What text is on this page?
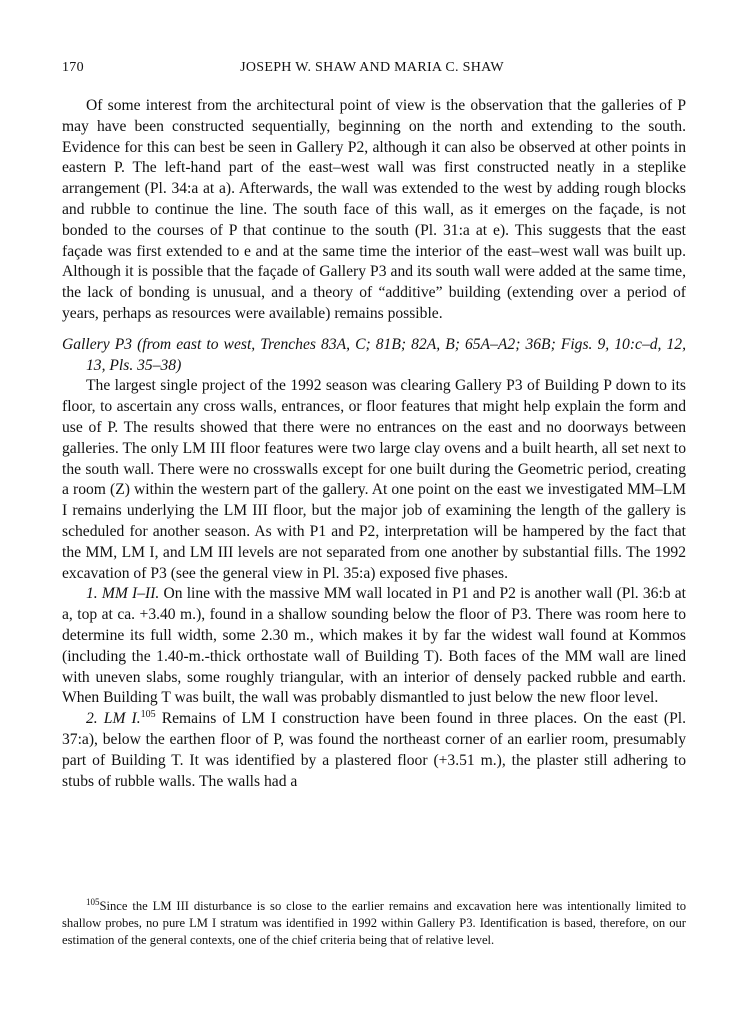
170	JOSEPH W. SHAW AND MARIA C. SHAW

Of some interest from the architectural point of view is the observation that the galleries of P may have been constructed sequentially, beginning on the north and extending to the south. Evidence for this can best be seen in Gallery P2, although it can also be observed at other points in eastern P. The left-hand part of the east–west wall was first constructed neatly in a steplike arrangement (Pl. 34:a at a). Afterwards, the wall was extended to the west by adding rough blocks and rubble to continue the line. The south face of this wall, as it emerges on the façade, is not bonded to the courses of P that continue to the south (Pl. 31:a at e). This suggests that the east façade was first extended to e and at the same time the interior of the east–west wall was built up. Although it is possible that the façade of Gallery P3 and its south wall were added at the same time, the lack of bonding is unusual, and a theory of “additive” building (extending over a period of years, perhaps as resources were available) remains possible.

Gallery P3 (from east to west, Trenches 83A, C; 81B; 82A, B; 65A–A2; 36B; Figs. 9, 10:c–d, 12, 13, Pls. 35–38)

The largest single project of the 1992 season was clearing Gallery P3 of Building P down to its floor, to ascertain any cross walls, entrances, or floor features that might help explain the form and use of P. The results showed that there were no entrances on the east and no doorways between galleries. The only LM III floor features were two large clay ovens and a built hearth, all set next to the south wall. There were no crosswalls except for one built during the Geometric period, creating a room (Z) within the western part of the gallery. At one point on the east we investigated MM–LM I remains underlying the LM III floor, but the major job of examining the length of the gallery is scheduled for another season. As with P1 and P2, interpretation will be hampered by the fact that the MM, LM I, and LM III levels are not separated from one another by substantial fills. The 1992 excavation of P3 (see the general view in Pl. 35:a) exposed five phases.

1. MM I–II. On line with the massive MM wall located in P1 and P2 is another wall (Pl. 36:b at a, top at ca. +3.40 m.), found in a shallow sounding below the floor of P3. There was room here to determine its full width, some 2.30 m., which makes it by far the widest wall found at Kommos (including the 1.40-m.-thick orthostate wall of Building T). Both faces of the MM wall are lined with uneven slabs, some roughly triangular, with an interior of densely packed rubble and earth. When Building T was built, the wall was probably dismantled to just below the new floor level.

2. LM I.$^{105}$ Remains of LM I construction have been found in three places. On the east (Pl. 37:a), below the earthen floor of P, was found the northeast corner of an earlier room, presumably part of Building T. It was identified by a plastered floor (+3.51 m.), the plaster still adhering to stubs of rubble walls. The walls had a

$^{105}$Since the LM III disturbance is so close to the earlier remains and excavation here was intentionally limited to shallow probes, no pure LM I stratum was identified in 1992 within Gallery P3. Identification is based, therefore, on our estimation of the general contexts, one of the chief criteria being that of relative level.
